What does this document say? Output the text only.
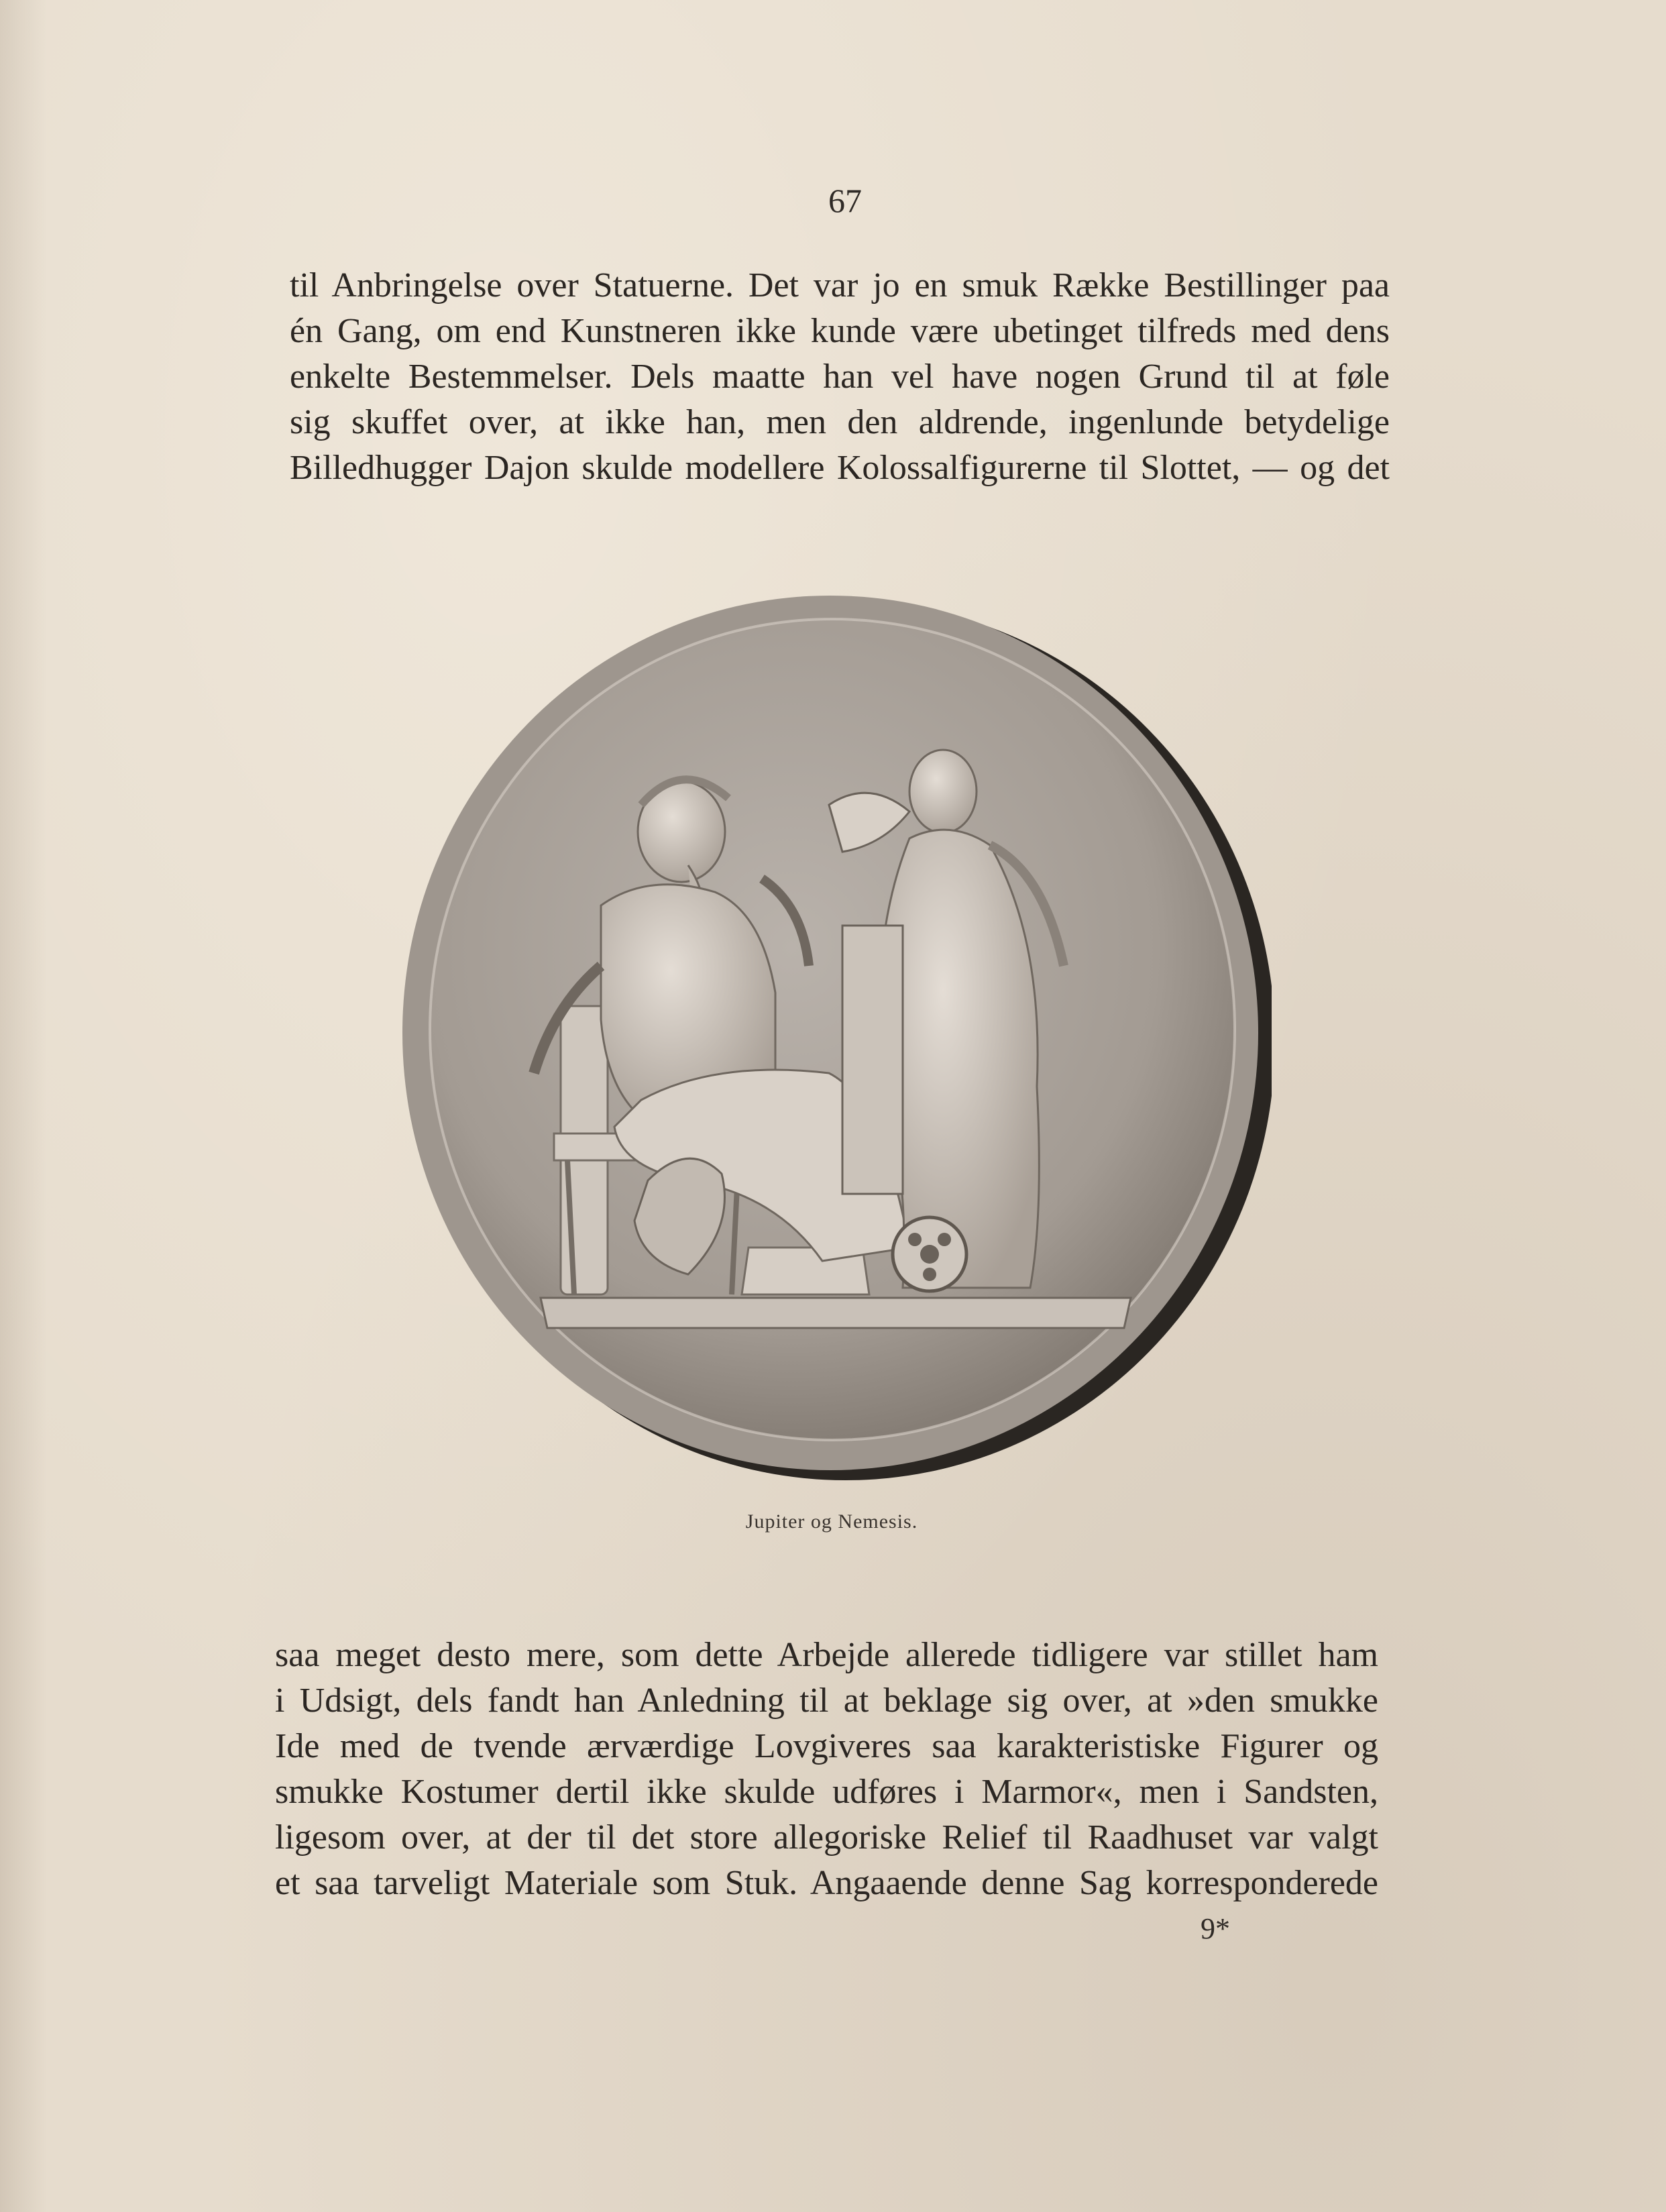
67
til Anbringelse over Statuerne. Det var jo en smuk Række Bestillinger paa
én Gang, om end Kunstneren ikke kunde være ubetinget tilfreds med dens
enkelte Bestemmelser. Dels maatte han vel have nogen Grund til at føle
sig skuffet over, at ikke han, men den aldrende, ingenlunde betydelige
Billedhugger Dajon skulde modellere Kolossalfigurerne til Slottet, — og det
Jupiter og Nemesis.
saa meget desto mere, som dette Arbejde allerede tidligere var stillet ham
i Udsigt, dels fandt han Anledning til at beklage sig over, at »den smukke
Ide med de tvende ærværdige Lovgiveres saa karakteristiske Figurer og
smukke Kostumer dertil ikke skulde udføres i Marmor«, men i Sandsten,
ligesom over, at der til det store allegoriske Relief til Raadhuset var valgt
et saa tarveligt Materiale som Stuk. Angaaende denne Sag korresponderede
9*
